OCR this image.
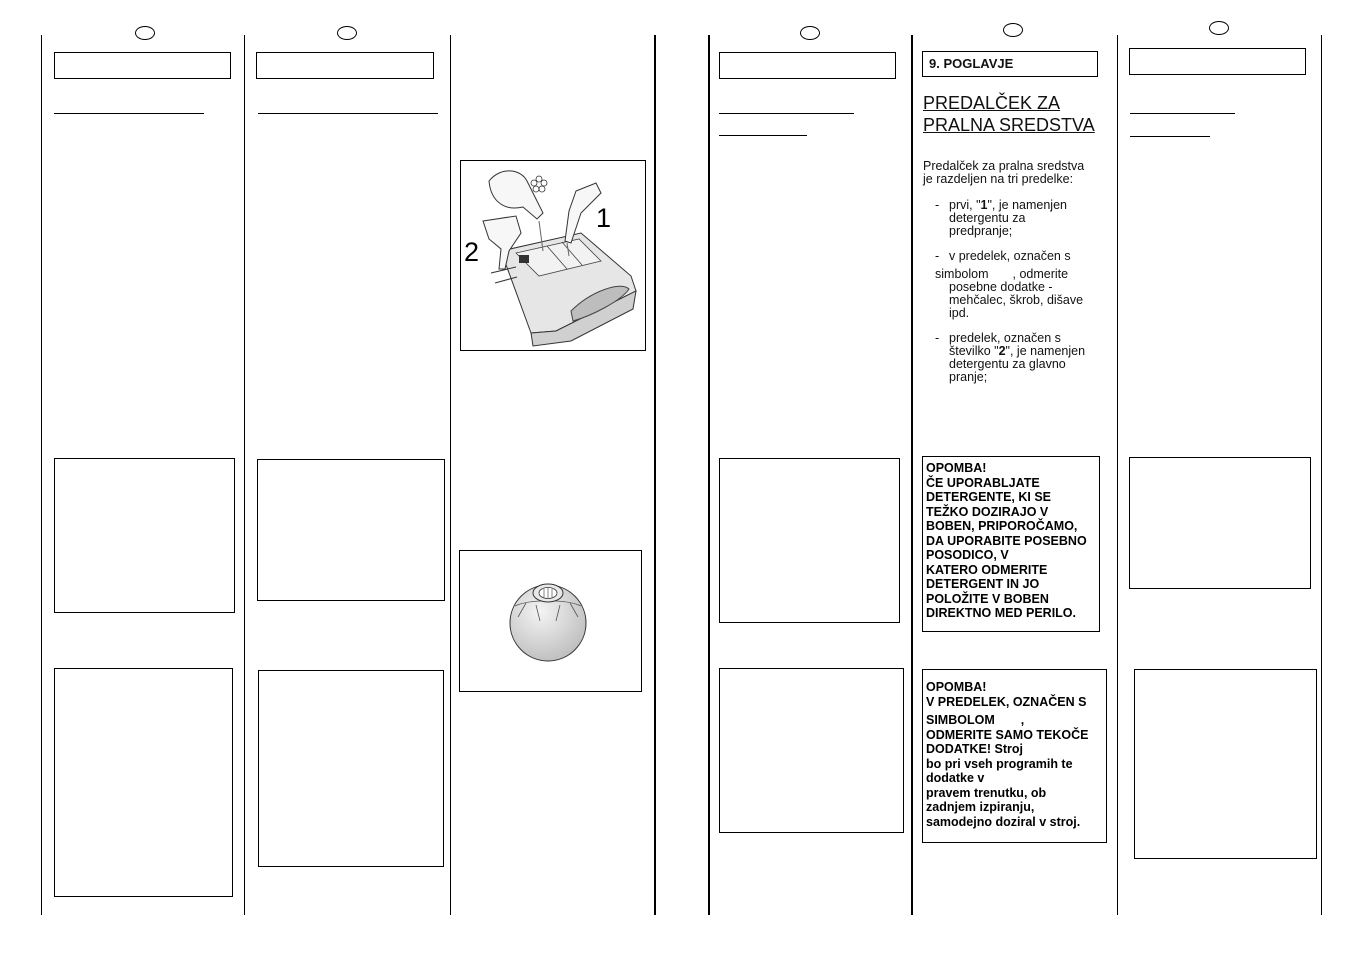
1
2
9. POGLAVJE
PREDALČEK ZA
PRALNA SREDSTVA
Predalček za pralna sredstva
je razdeljen na tri predelke:
- prvi, "1", je namenjen
detergentu za
predpranje;
- v predelek, označen s
simbolom , odmerite
posebne dodatke -
mehčalec, škrob, dišave
ipd.
- predelek, označen s
številko "2", je namenjen
detergentu za glavno
pranje;
OPOMBA!
ČE UPORABLJATE
DETERGENTE, KI SE
TEŽKO DOZIRAJO V
BOBEN, PRIPOROČAMO,
DA UPORABITE POSEBNO
POSODICO, V
KATERO ODMERITE
DETERGENT IN JO
POLOŽITE V BOBEN
DIREKTNO MED PERILO.
OPOMBA!
V PREDELEK, OZNAČEN S
SIMBOLOM ,
ODMERITE SAMO TEKOČE
DODATKE! Stroj
bo pri vseh programih te
dodatke v
pravem trenutku, ob
zadnjem izpiranju,
samodejno doziral v stroj.
